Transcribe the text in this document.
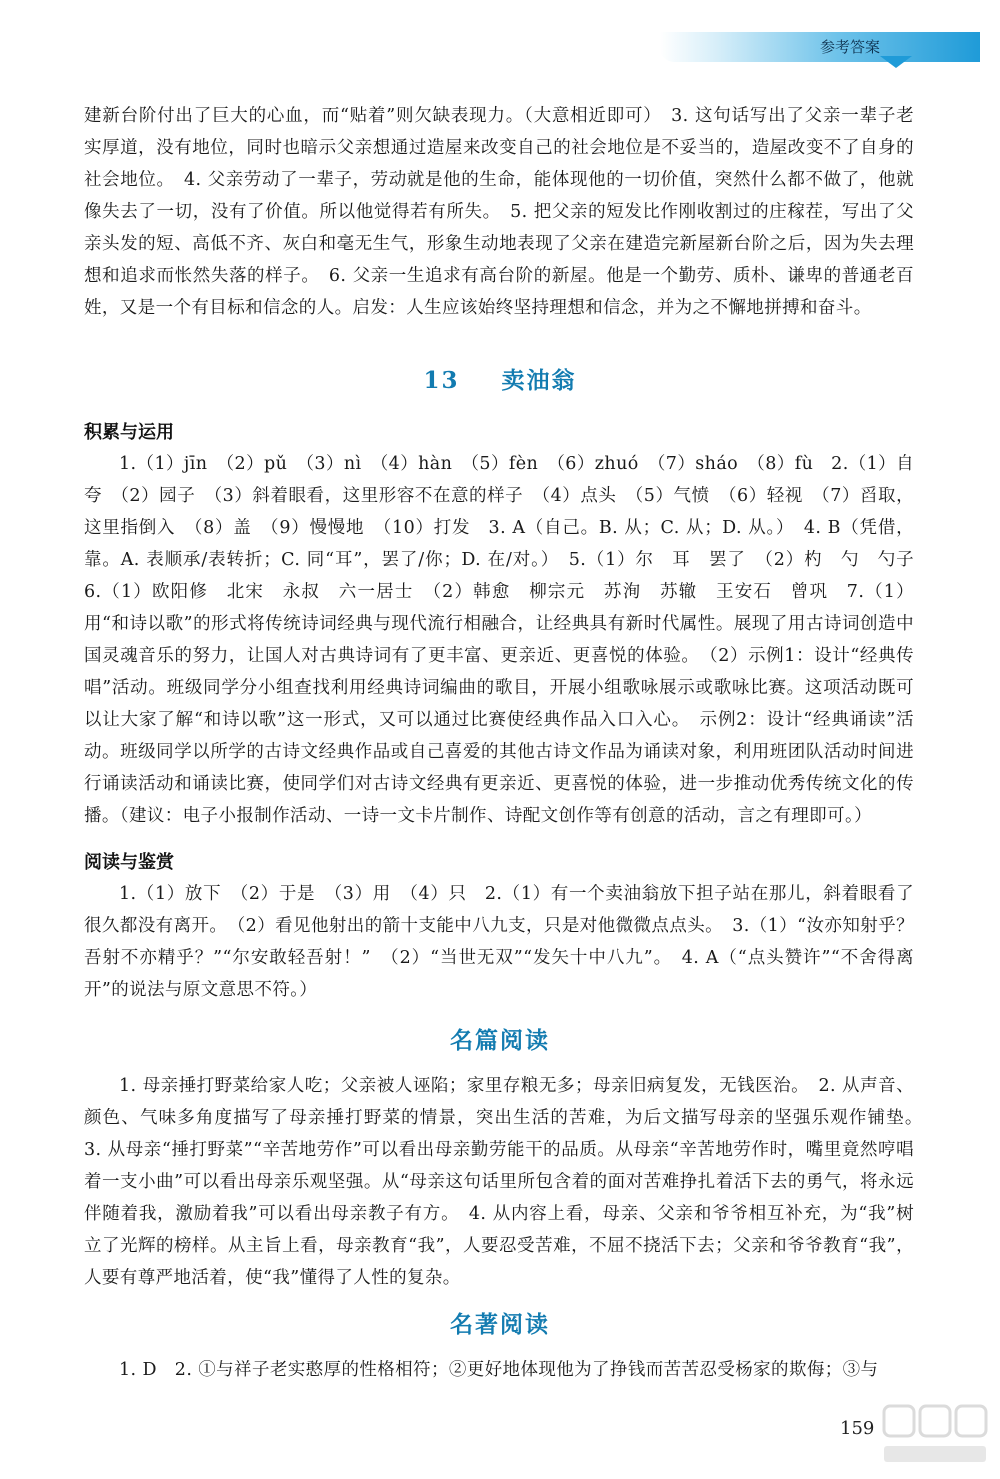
参考答案

建新台阶付出了巨大的心血，而“贴着”则欠缺表现力。（大意相近即可）　3. 这句话写出了父亲一辈子老实厚道，没有地位，同时也暗示父亲想通过造屋来改变自己的社会地位是不妥当的，造屋改变不了自身的社会地位。　4. 父亲劳动了一辈子，劳动就是他的生命，能体现他的一切价值，突然什么都不做了，他就像失去了一切，没有了价值。所以他觉得若有所失。　5. 把父亲的短发比作刚收割过的庄稼茬，写出了父亲头发的短、高低不齐、灰白和毫无生气，形象生动地表现了父亲在建造完新屋新台阶之后，因为失去理想和追求而怅然失落的样子。　6. 父亲一生追求有高台阶的新屋。他是一个勤劳、质朴、谦卑的普通老百姓，又是一个有目标和信念的人。启发：人生应该始终坚持理想和信念，并为之不懈地拼搏和奋斗。

13 卖油翁
积累与运用

1.（1）jīn　（2）pǔ　（3）nì　（4）hàn　（5）fèn　（6）zhuó　（7）sháo　（8）fù　2.（1）自夸　（2）园子　（3）斜着眼看，这里形容不在意的样子　（4）点头　（5）气愤　（6）轻视　（7）舀取，这里指倒入　（8）盖　（9）慢慢地　（10）打发　3. A（自己。B. 从；C. 从；D. 从。）　4. B（凭借，靠。A. 表顺承/表转折；C. 同“耳”，罢了/你；D. 在/对。）　5.（1）尔　耳　罢了　（2）杓　勺　勺子　6.（1）欧阳修　北宋　永叔　六一居士　（2）韩愈　柳宗元　苏洵　苏辙　王安石　曾巩　7.（1）用“和诗以歌”的形式将传统诗词经典与现代流行相融合，让经典具有新时代属性。展现了用古诗词创造中国灵魂音乐的努力，让国人对古典诗词有了更丰富、更亲近、更喜悦的体验。　（2）示例1：设计“经典传唱”活动。班级同学分小组查找利用经典诗词编曲的歌目，开展小组歌咏展示或歌咏比赛。这项活动既可以让大家了解“和诗以歌”这一形式，又可以通过比赛使经典作品入口入心。　示例2：设计“经典诵读”活动。班级同学以所学的古诗文经典作品或自己喜爱的其他古诗文作品为诵读对象，利用班团队活动时间进行诵读活动和诵读比赛，使同学们对古诗文经典有更亲近、更喜悦的体验，进一步推动优秀传统文化的传播。（建议：电子小报制作活动、一诗一文卡片制作、诗配文创作等有创意的活动，言之有理即可。）

阅读与鉴赏

1.（1）放下　（2）于是　（3）用　（4）只　2.（1）有一个卖油翁放下担子站在那儿，斜着眼看了很久都没有离开。　（2）看见他射出的箭十支能中八九支，只是对他微微点点头。　3.（1）“汝亦知射乎？吾射不亦精乎？”“尔安敢轻吾射！”　（2）“当世无双”“发矢十中八九”。　4. A（“点头赞许”“不舍得离开”的说法与原文意思不符。）

名篇阅读

1. 母亲捶打野菜给家人吃；父亲被人诬陷；家里存粮无多；母亲旧病复发，无钱医治。　2. 从声音、颜色、气味多角度描写了母亲捶打野菜的情景，突出生活的苦难，为后文描写母亲的坚强乐观作铺垫。　3. 从母亲“捶打野菜”“辛苦地劳作”可以看出母亲勤劳能干的品质。从母亲“辛苦地劳作时，嘴里竟然哼唱着一支小曲”可以看出母亲乐观坚强。从“母亲这句话里所包含着的面对苦难挣扎着活下去的勇气，将永远伴随着我，激励着我”可以看出母亲教子有方。　4. 从内容上看，母亲、父亲和爷爷相互补充，为“我”树立了光辉的榜样。从主旨上看，母亲教育“我”，人要忍受苦难，不屈不挠活下去；父亲和爷爷教育“我”，人要有尊严地活着，使“我”懂得了人性的复杂。

名著阅读

1. D　2. ①与祥子老实憨厚的性格相符；②更好地体现他为了挣钱而苦苦忍受杨家的欺侮；③与

159
